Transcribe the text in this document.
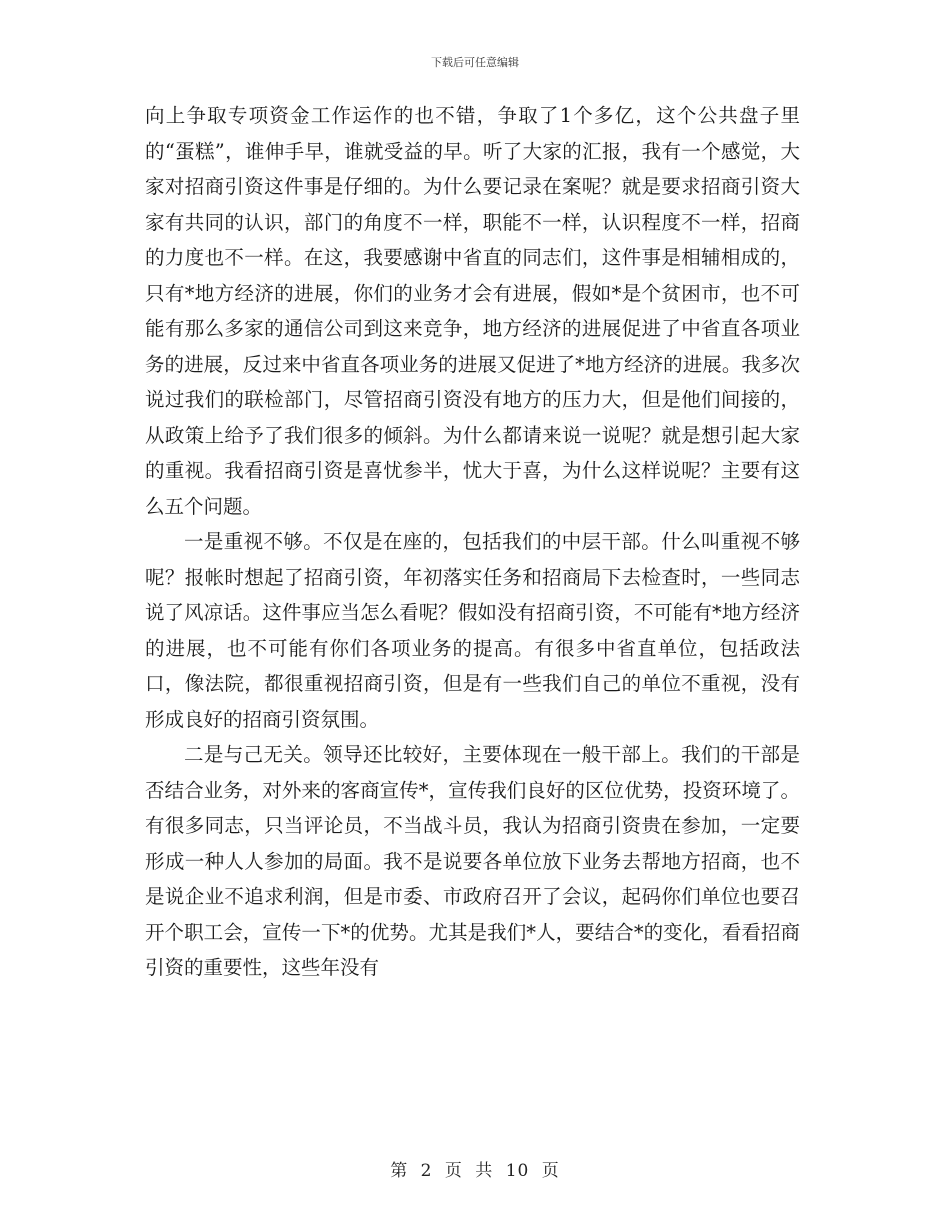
下载后可任意编辑

向上争取专项资金工作运作的也不错，争取了1个多亿，这个公共盘子里的“蛋糕”，谁伸手早，谁就受益的早。听了大家的汇报，我有一个感觉，大家对招商引资这件事是仔细的。为什么要记录在案呢？就是要求招商引资大家有共同的认识，部门的角度不一样，职能不一样，认识程度不一样，招商的力度也不一样。在这，我要感谢中省直的同志们，这件事是相辅相成的，只有*地方经济的进展，你们的业务才会有进展，假如*是个贫困市，也不可能有那么多家的通信公司到这来竞争，地方经济的进展促进了中省直各项业务的进展，反过来中省直各项业务的进展又促进了*地方经济的进展。我多次说过我们的联检部门，尽管招商引资没有地方的压力大，但是他们间接的，从政策上给予了我们很多的倾斜。为什么都请来说一说呢？就是想引起大家的重视。我看招商引资是喜忧参半，忧大于喜，为什么这样说呢？主要有这么五个问题。

一是重视不够。不仅是在座的，包括我们的中层干部。什么叫重视不够呢？报帐时想起了招商引资，年初落实任务和招商局下去检查时，一些同志说了风凉话。这件事应当怎么看呢？假如没有招商引资，不可能有*地方经济的进展，也不可能有你们各项业务的提高。有很多中省直单位，包括政法口，像法院，都很重视招商引资，但是有一些我们自己的单位不重视，没有形成良好的招商引资氛围。

二是与己无关。领导还比较好，主要体现在一般干部上。我们的干部是否结合业务，对外来的客商宣传*，宣传我们良好的区位优势，投资环境了。有很多同志，只当评论员，不当战斗员，我认为招商引资贵在参加，一定要形成一种人人参加的局面。我不是说要各单位放下业务去帮地方招商，也不是说企业不追求利润，但是市委、市政府召开了会议，起码你们单位也要召开个职工会，宣传一下*的优势。尤其是我们*人，要结合*的变化，看看招商引资的重要性，这些年没有

第 2 页 共 10 页
